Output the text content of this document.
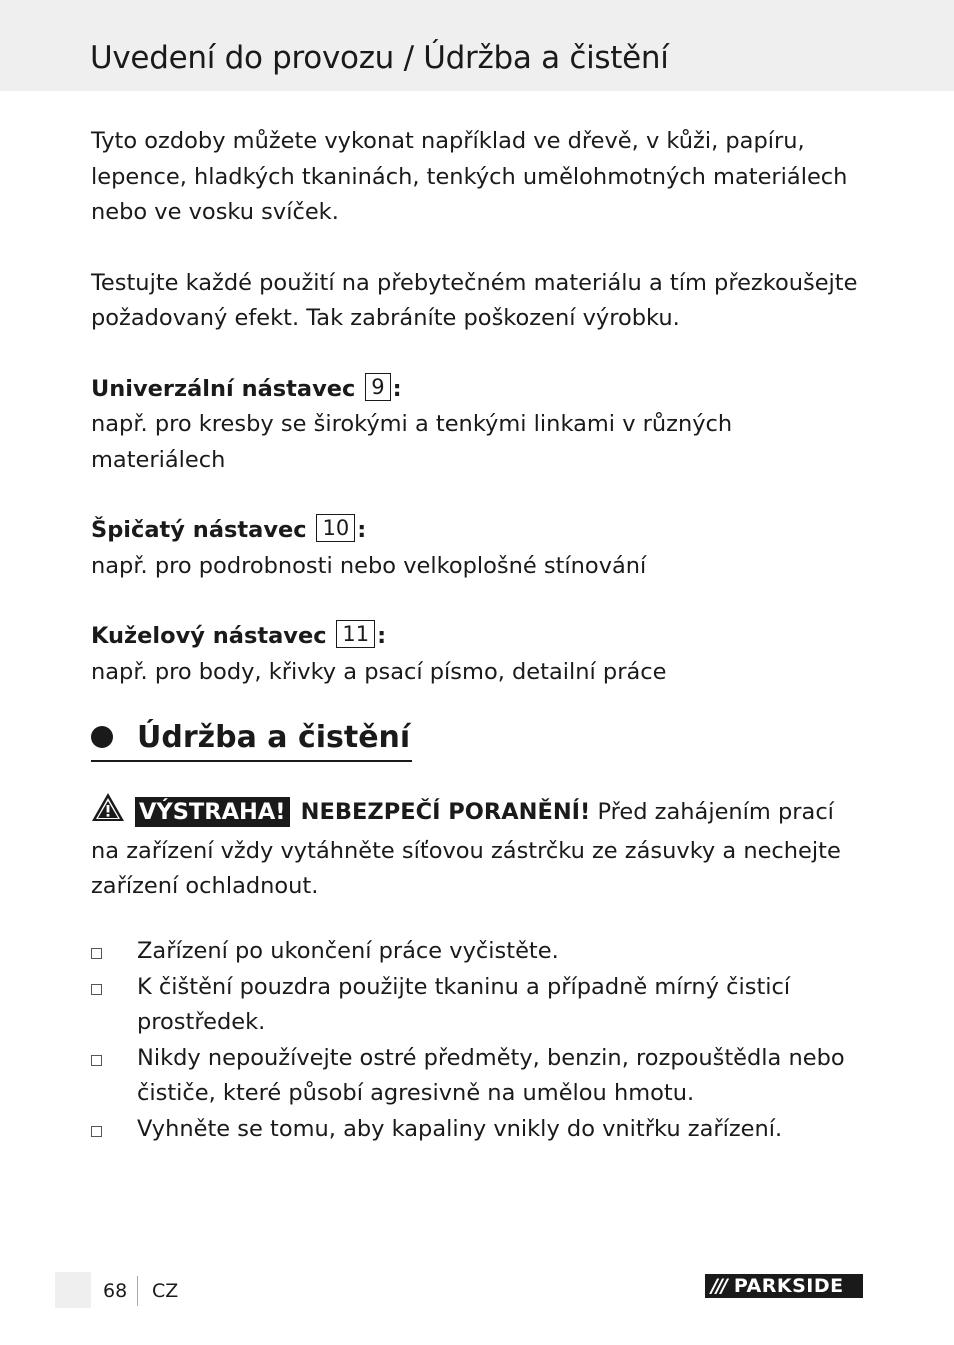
Uvedení do provozu / Údržba a čistění

Tyto ozdoby můžete vykonat například ve dřevě, v kůži, papíru, lepence, hladkých tkaninách, tenkých umělohmotných materiálech nebo ve vosku svíček.

Testujte každé použití na přebytečném materiálu a tím přezkoušejte požadovaný efekt. Tak zabráníte poškození výrobku.

Univerzální nástavec 9 :
např. pro kresby se širokými a tenkými linkami v různých materiálech
Špičatý nástavec 10 :
např. pro podrobnosti nebo velkoplošné stínování
Kuželový nástavec 11 :
např. pro body, křivky a psací písmo, detailní práce
Údržba a čistění
VÝSTRAHA! NEBEZPEČÍ PORANĚNÍ! Před zahájením prací na zařízení vždy vytáhněte síťovou zástrčku ze zásuvky a nechejte zařízení ochladnout.
Zařízení po ukončení práce vyčistěte.
K čištění pouzdra použijte tkaninu a případně mírný čisticí prostředek.
Nikdy nepoužívejte ostré předměty, benzin, rozpouštědla nebo čističe, které působí agresivně na umělou hmotu.
Vyhněte se tomu, aby kapaliny vnikly do vnitřku zařízení.
68 CZ	/// PARKSIDE
